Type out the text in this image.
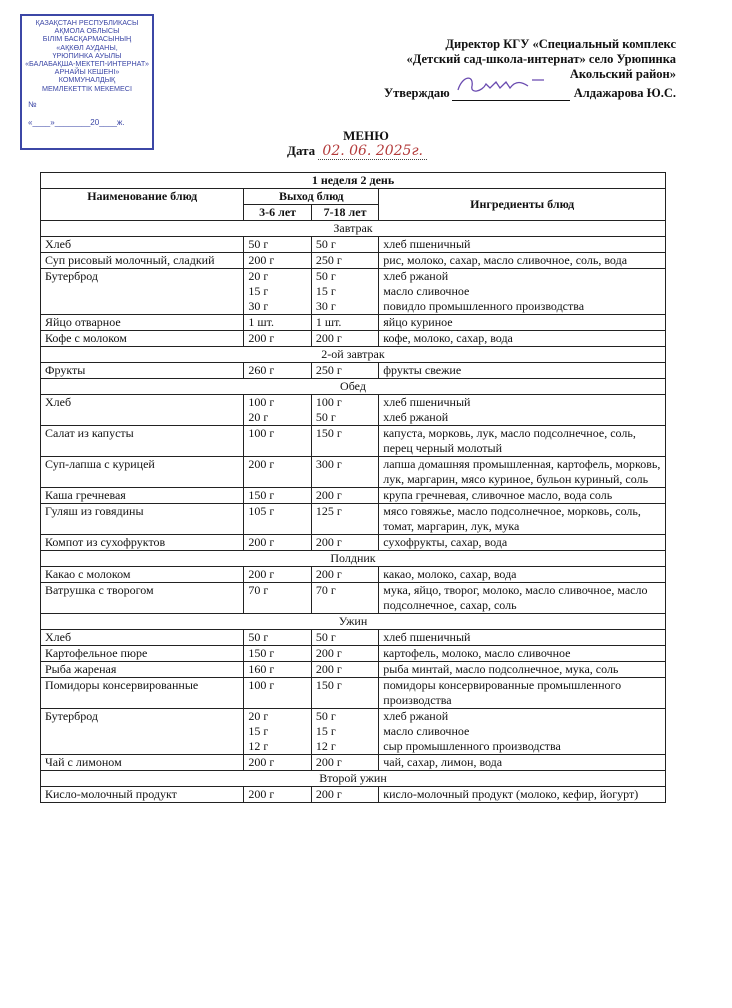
ҚАЗАҚСТАН РЕСПУБЛИКАСЫ
АҚМОЛА ОБЛЫСЫ
БІЛІМ БАСҚАРМАСЫНЫҢ
«АҚКӨЛ АУДАНЫ,
ҮРЮПИНКА АУЫЛЫ
«БАЛАБАҚША-МЕКТЕП-ИНТЕРНАТ»
АРНАЙЫ КЕШЕНІ»
КОММУНАЛДЫҚ
МЕМЛЕКЕТТІК МЕКЕМЕСІ
№
«____»________20____ж.
Директор КГУ «Специальный комплекс
«Детский сад-школа-интернат» село Урюпинка
Акольский район»
Утверждаю	Алдажарова Ю.С.
МЕНЮ
Дата 02. 06. 2025г.
1 неделя 2 день			
Наименование блюд	Выход блюд		Ингредиенты блюд
	3-6 лет	7-18 лет	
Завтрак			
Хлеб	50 г	50 г	хлеб пшеничный

Суп рисовый молочный, сладкий	200 г	250 г	рис, молоко, сахар, масло сливочное, соль, вода

Бутерброд	20 г
15 г
30 г	50 г
15 г
30 г	хлеб ржаной
масло сливочное
повидло промышленного производства

Яйцо отварное	1 шт.	1 шт.	яйцо куриное

Кофе с молоком	200 г	200 г	кофе, молоко, сахар, вода

2-ой завтрак			
Фрукты	260 г	250 г	фрукты свежие

Обед			
Хлеб	100 г
20 г	100 г
50 г	хлеб пшеничный
хлеб ржаной

Салат из капусты	100 г	150 г	капуста, морковь, лук, масло подсолнечное, соль, перец черный молотый

Суп-лапша с курицей	200 г	300 г	лапша домашняя промышленная, картофель, морковь, лук, маргарин, мясо куриное, бульон куриный, соль

Каша гречневая	150 г	200 г	крупа гречневая, сливочное масло, вода соль

Гуляш из говядины	105 г	125 г	мясо говяжье, масло подсолнечное, морковь, соль, томат, маргарин, лук, мука

Компот из сухофруктов	200 г	200 г	сухофрукты, сахар, вода

Полдник			
Какао с молоком	200 г	200 г	какао, молоко, сахар, вода

Ватрушка с творогом	70 г	70 г	мука, яйцо, творог, молоко, масло сливочное, масло подсолнечное, сахар, соль

Ужин			
Хлеб	50 г	50 г	хлеб пшеничный

Картофельное пюре	150 г	200 г	картофель, молоко, масло сливочное

Рыба жареная	160 г	200 г	рыба минтай, масло подсолнечное, мука, соль

Помидоры консервированные	100 г	150 г	помидоры консервированные промышленного производства

Бутерброд	20 г
15 г
12 г	50 г
15 г
12 г	хлеб ржаной
масло сливочное
сыр промышленного производства

Чай с лимоном	200 г	200 г	чай, сахар, лимон, вода

Второй ужин			
Кисло-молочный продукт	200 г	200 г	кисло-молочный продукт (молоко, кефир, йогурт)
